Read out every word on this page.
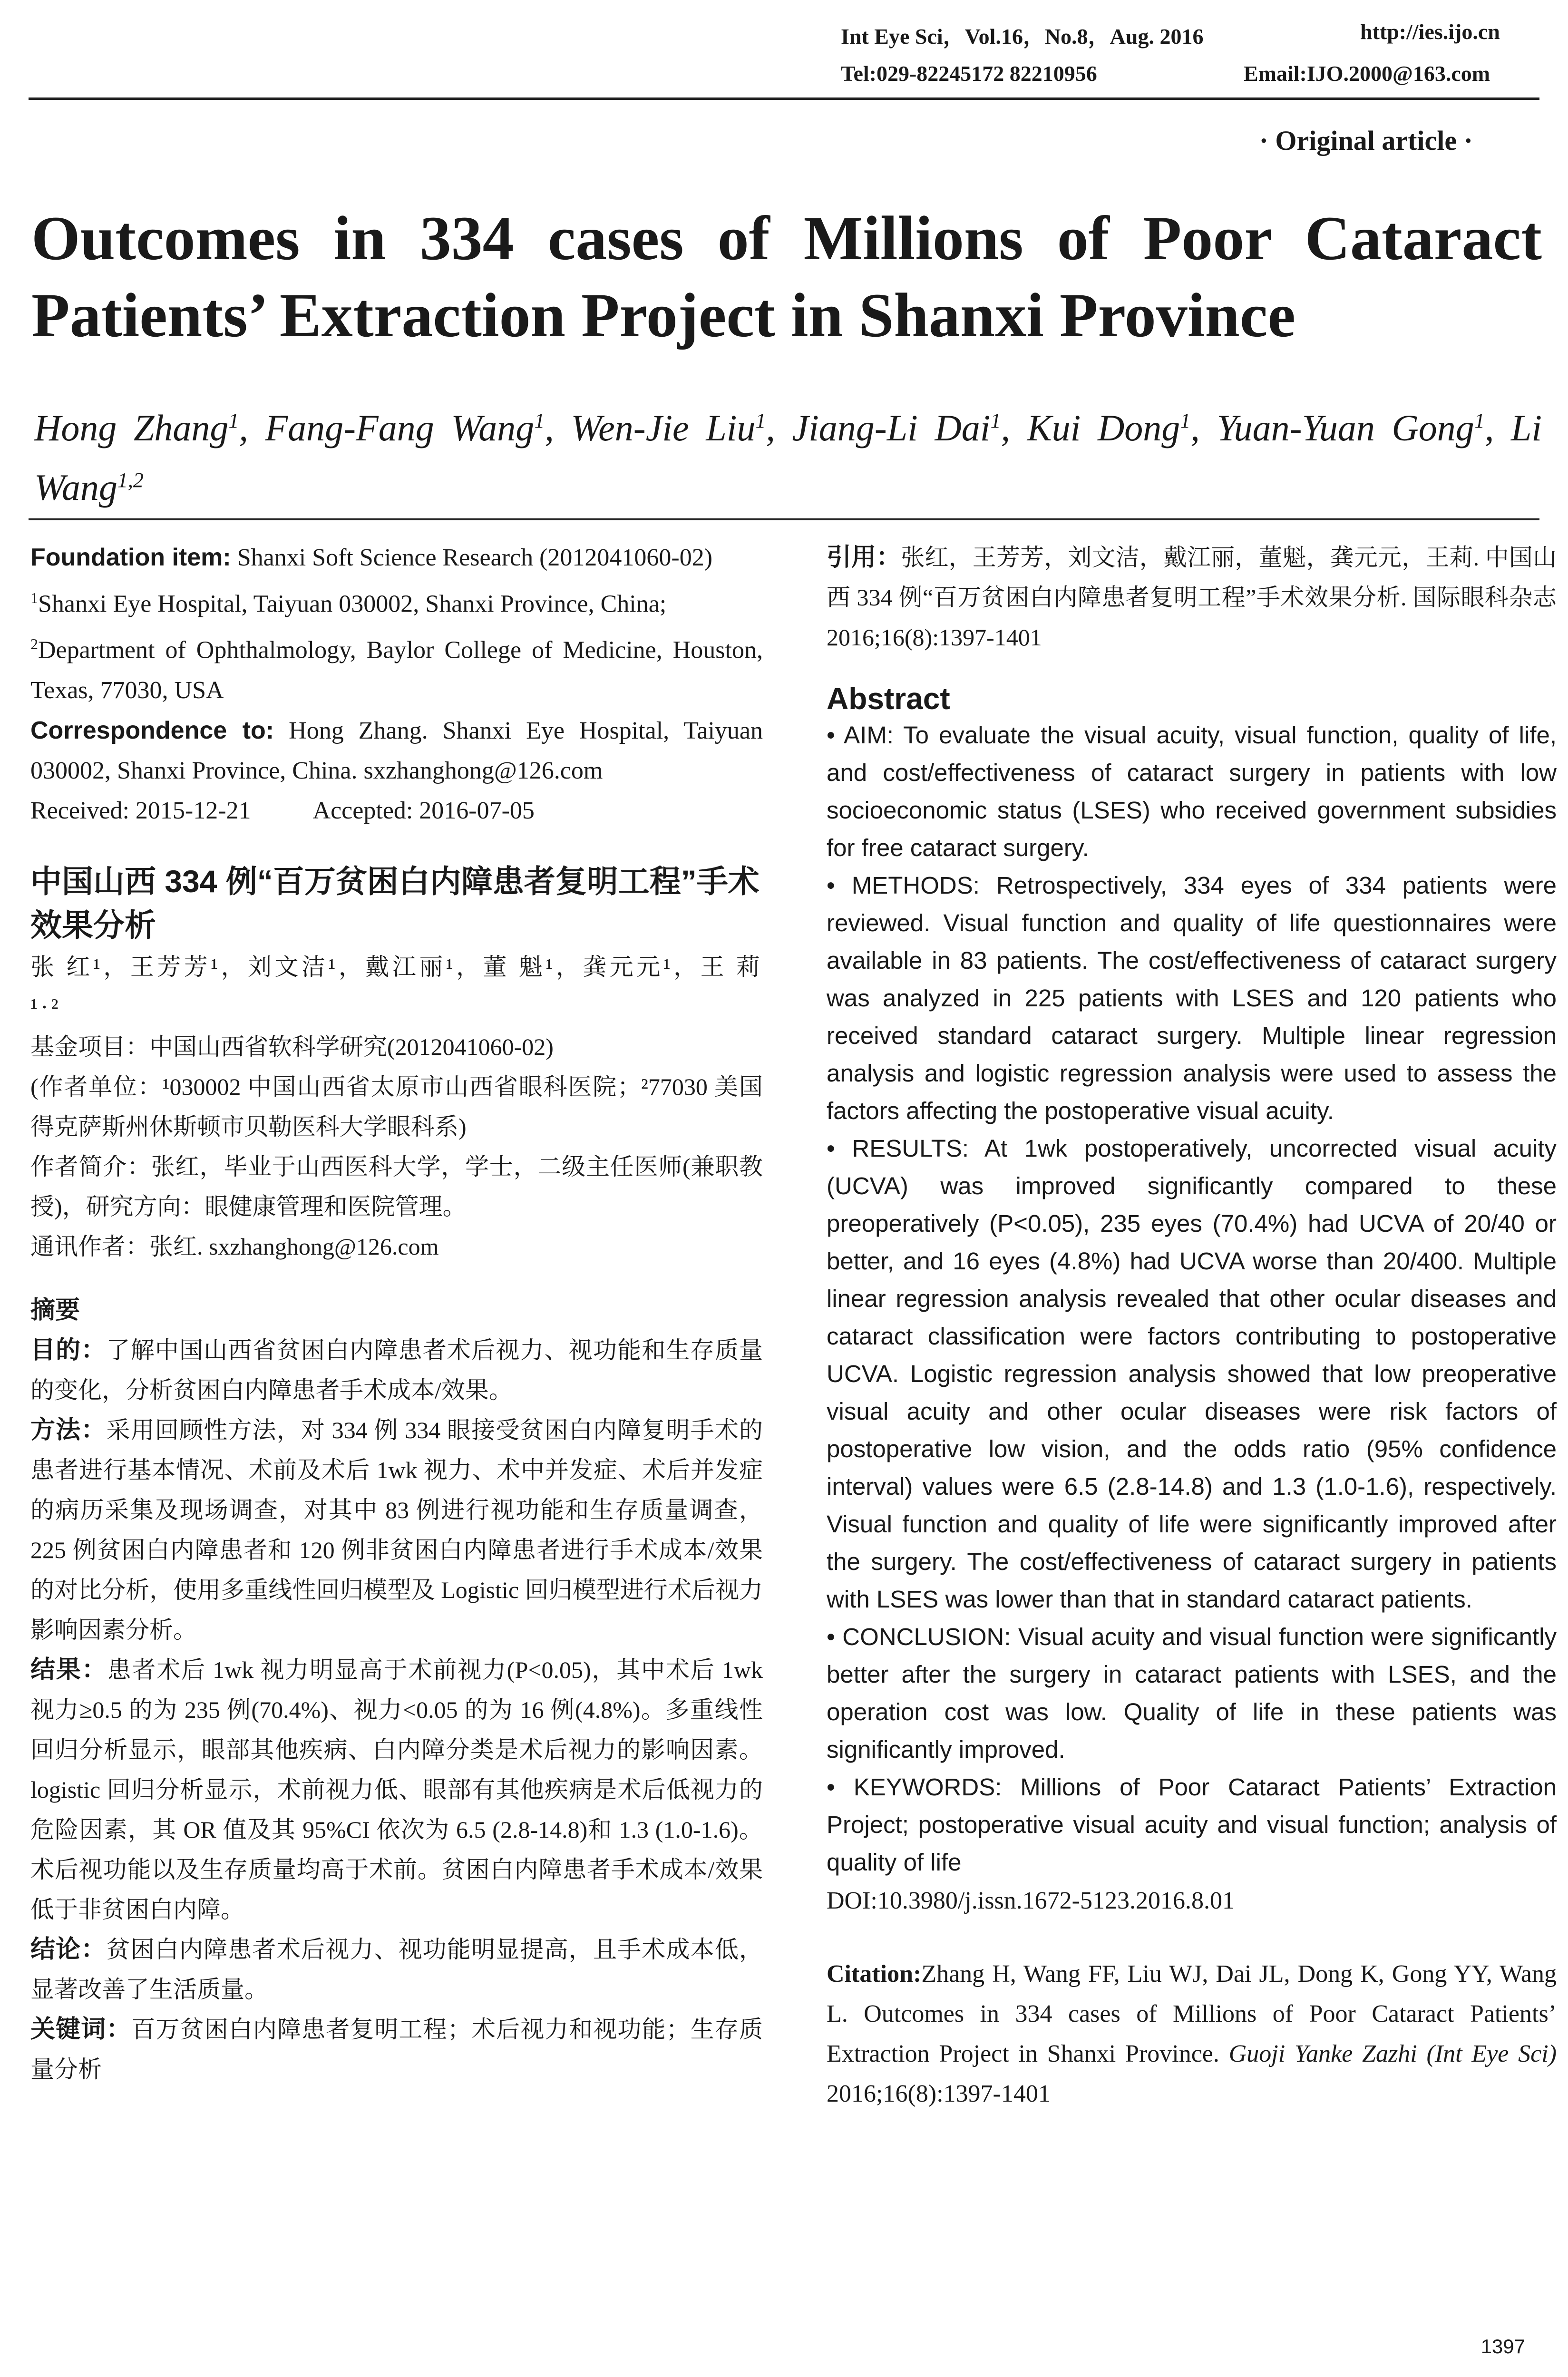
Int Eye Sci，Vol.16，No.8，Aug. 2016	http://ies.ijo.cn
Tel:029-82245172 82210956	Email:IJO.2000@163.com
· Original article ·
Outcomes in 334 cases of Millions of Poor Cataract Patients’ Extraction Project in Shanxi Province
Hong Zhang$^1$, Fang-Fang Wang$^1$, Wen-Jie Liu$^1$, Jiang-Li Dai$^1$, Kui Dong$^1$, Yuan-Yuan Gong$^1$, Li Wang$^{1,2}$

Foundation item: Shanxi Soft Science Research (2012041060-02)

$^1$Shanxi Eye Hospital, Taiyuan 030002, Shanxi Province, China;

$^2$Department of Ophthalmology, Baylor College of Medicine, Houston, Texas, 77030, USA

Correspondence to: Hong Zhang. Shanxi Eye Hospital, Taiyuan 030002, Shanxi Province, China. sxzhanghong@126.com

Received: 2015-12-21	Accepted: 2016-07-05

中国山西 334 例“百万贫困白内障患者复明工程”手术效果分析

张 红¹，王芳芳¹，刘文洁¹，戴江丽¹，董 魁¹，龚元元¹，王 莉¹·²

基金项目：中国山西省软科学研究(2012041060-02)

(作者单位：¹030002 中国山西省太原市山西省眼科医院；²77030 美国得克萨斯州休斯顿市贝勒医科大学眼科系)

作者简介：张红，毕业于山西医科大学，学士，二级主任医师(兼职教授)，研究方向：眼健康管理和医院管理。

通讯作者：张红. sxzhanghong@126.com

摘要

目的：了解中国山西省贫困白内障患者术后视力、视功能和生存质量的变化，分析贫困白内障患者手术成本/效果。

方法：采用回顾性方法，对 334 例 334 眼接受贫困白内障复明手术的患者进行基本情况、术前及术后 1wk 视力、术中并发症、术后并发症的病历采集及现场调查，对其中 83 例进行视功能和生存质量调查，225 例贫困白内障患者和 120 例非贫困白内障患者进行手术成本/效果的对比分析，使用多重线性回归模型及 Logistic 回归模型进行术后视力影响因素分析。

结果：患者术后 1wk 视力明显高于术前视力(P<0.05)，其中术后 1wk 视力≥0.5 的为 235 例(70.4%)、视力<0.05 的为 16 例(4.8%)。多重线性回归分析显示，眼部其他疾病、白内障分类是术后视力的影响因素。logistic 回归分析显示，术前视力低、眼部有其他疾病是术后低视力的危险因素，其 OR 值及其 95%CI 依次为 6.5 (2.8-14.8)和 1.3 (1.0-1.6)。术后视功能以及生存质量均高于术前。贫困白内障患者手术成本/效果低于非贫困白内障。

结论：贫困白内障患者术后视力、视功能明显提高，且手术成本低，显著改善了生活质量。

关键词：百万贫困白内障患者复明工程；术后视力和视功能；生存质量分析

引用：张红，王芳芳，刘文洁，戴江丽，董魁，龚元元，王莉. 中国山西 334 例“百万贫困白内障患者复明工程”手术效果分析. 国际眼科杂志 2016;16(8):1397-1401

Abstract

• AIM: To evaluate the visual acuity, visual function, quality of life, and cost/effectiveness of cataract surgery in patients with low socioeconomic status (LSES) who received government subsidies for free cataract surgery.

• METHODS: Retrospectively, 334 eyes of 334 patients were reviewed. Visual function and quality of life questionnaires were available in 83 patients. The cost/effectiveness of cataract surgery was analyzed in 225 patients with LSES and 120 patients who received standard cataract surgery. Multiple linear regression analysis and logistic regression analysis were used to assess the factors affecting the postoperative visual acuity.

• RESULTS: At 1wk postoperatively, uncorrected visual acuity (UCVA) was improved significantly compared to these preoperatively (P<0.05), 235 eyes (70.4%) had UCVA of 20/40 or better, and 16 eyes (4.8%) had UCVA worse than 20/400. Multiple linear regression analysis revealed that other ocular diseases and cataract classification were factors contributing to postoperative UCVA. Logistic regression analysis showed that low preoperative visual acuity and other ocular diseases were risk factors of postoperative low vision, and the odds ratio (95% confidence interval) values were 6.5 (2.8-14.8) and 1.3 (1.0-1.6), respectively. Visual function and quality of life were significantly improved after the surgery. The cost/effectiveness of cataract surgery in patients with LSES was lower than that in standard cataract patients.

• CONCLUSION: Visual acuity and visual function were significantly better after the surgery in cataract patients with LSES, and the operation cost was low. Quality of life in these patients was significantly improved.

• KEYWORDS: Millions of Poor Cataract Patients’ Extraction Project; postoperative visual acuity and visual function; analysis of quality of life

DOI:10.3980/j.issn.1672-5123.2016.8.01

Citation:Zhang H, Wang FF, Liu WJ, Dai JL, Dong K, Gong YY, Wang L. Outcomes in 334 cases of Millions of Poor Cataract Patients’ Extraction Project in Shanxi Province. Guoji Yanke Zazhi (Int Eye Sci) 2016;16(8):1397-1401

1397
